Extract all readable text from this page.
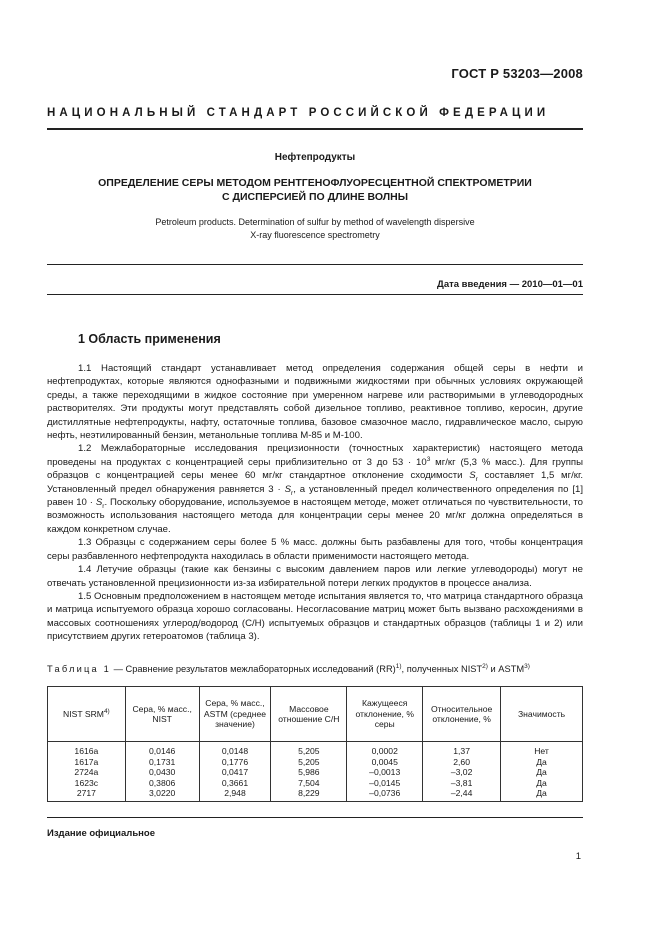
ГОСТ Р 53203—2008
НАЦИОНАЛЬНЫЙ СТАНДАРТ РОССИЙСКОЙ ФЕДЕРАЦИИ
Нефтепродукты
ОПРЕДЕЛЕНИЕ СЕРЫ МЕТОДОМ РЕНТГЕНОФЛУОРЕСЦЕНТНОЙ СПЕКТРОМЕТРИИ
С ДИСПЕРСИЕЙ ПО ДЛИНЕ ВОЛНЫ
Petroleum products. Determination of sulfur by method of wavelength dispersive
X-ray fluorescence spectrometry
Дата введения — 2010—01—01
1 Область применения

1.1 Настоящий стандарт устанавливает метод определения содержания общей серы в нефти и нефтепродуктах, которые являются однофазными и подвижными жидкостями при обычных условиях окружающей среды, а также переходящими в жидкое состояние при умеренном нагреве или растворимыми в углеводородных растворителях. Эти продукты могут представлять собой дизельное топливо, реактивное топливо, керосин, другие дистиллятные нефтепродукты, нафту, остаточные топлива, базовое смазочное масло, гидравлическое масло, сырую нефть, неэтилированный бензин, метанольные топлива М-85 и М-100.

1.2 Межлабораторные исследования прецизионности (точностных характеристик) настоящего метода проведены на продуктах с концентрацией серы приблизительно от 3 до $53 \cdot 10^3$ мг/кг (5,3 % масс.). Для группы образцов с концентрацией серы менее 60 мг/кг стандартное отклонение сходимости $S_r$ составляет 1,5 мг/кг. Установленный предел обнаружения равняется $3 \cdot S_r$, а установленный предел количественного определения по [1] равен $10 \cdot S_r$. Поскольку оборудование, используемое в настоящем методе, может отличаться по чувствительности, то возможность использования настоящего метода для концентрации серы менее 20 мг/кг должна определяться в каждом конкретном случае.

1.3 Образцы с содержанием серы более 5 % масс. должны быть разбавлены для того, чтобы концентрация серы разбавленного нефтепродукта находилась в области применимости настоящего метода.

1.4 Летучие образцы (такие как бензины с высоким давлением паров или легкие углеводороды) могут не отвечать установленной прецизионности из-за избирательной потери легких продуктов в процессе анализа.

1.5 Основным предположением в настоящем методе испытания является то, что матрица стандартного образца и матрица испытуемого образца хорошо согласованы. Несогласование матриц может быть вызвано расхождениями в массовых соотношениях углерод/водород (С/Н) испытуемых образцов и стандартных образцов (таблицы 1 и 2) или присутствием других гетероатомов (таблица 3).

Таблица 1 — Сравнение результатов межлабораторных исследований (RR)$^{1)}$, полученных NIST$^{2)}$ и ASTM$^{3)}$
NIST SRM$^{4)}$	Сера, % масс., NIST	Сера, % масс., ASTM (среднее значение)	Массовое отношение С/Н	Кажущееся отклонение, % серы	Относительное отклонение, %	Значимость
1616a	0,0146	0,0148	5,205	0,0002	1,37	Нет
1617a	0,1731	0,1776	5,205	0,0045	2,60	Да
2724a	0,0430	0,0417	5,986	–0,0013	–3,02	Да
1623c	0,3806	0,3661	7,504	–0,0145	–3,81	Да
2717	3,0220	2,948	8,229	–0,0736	–2,44	Да
Издание официальное
1
